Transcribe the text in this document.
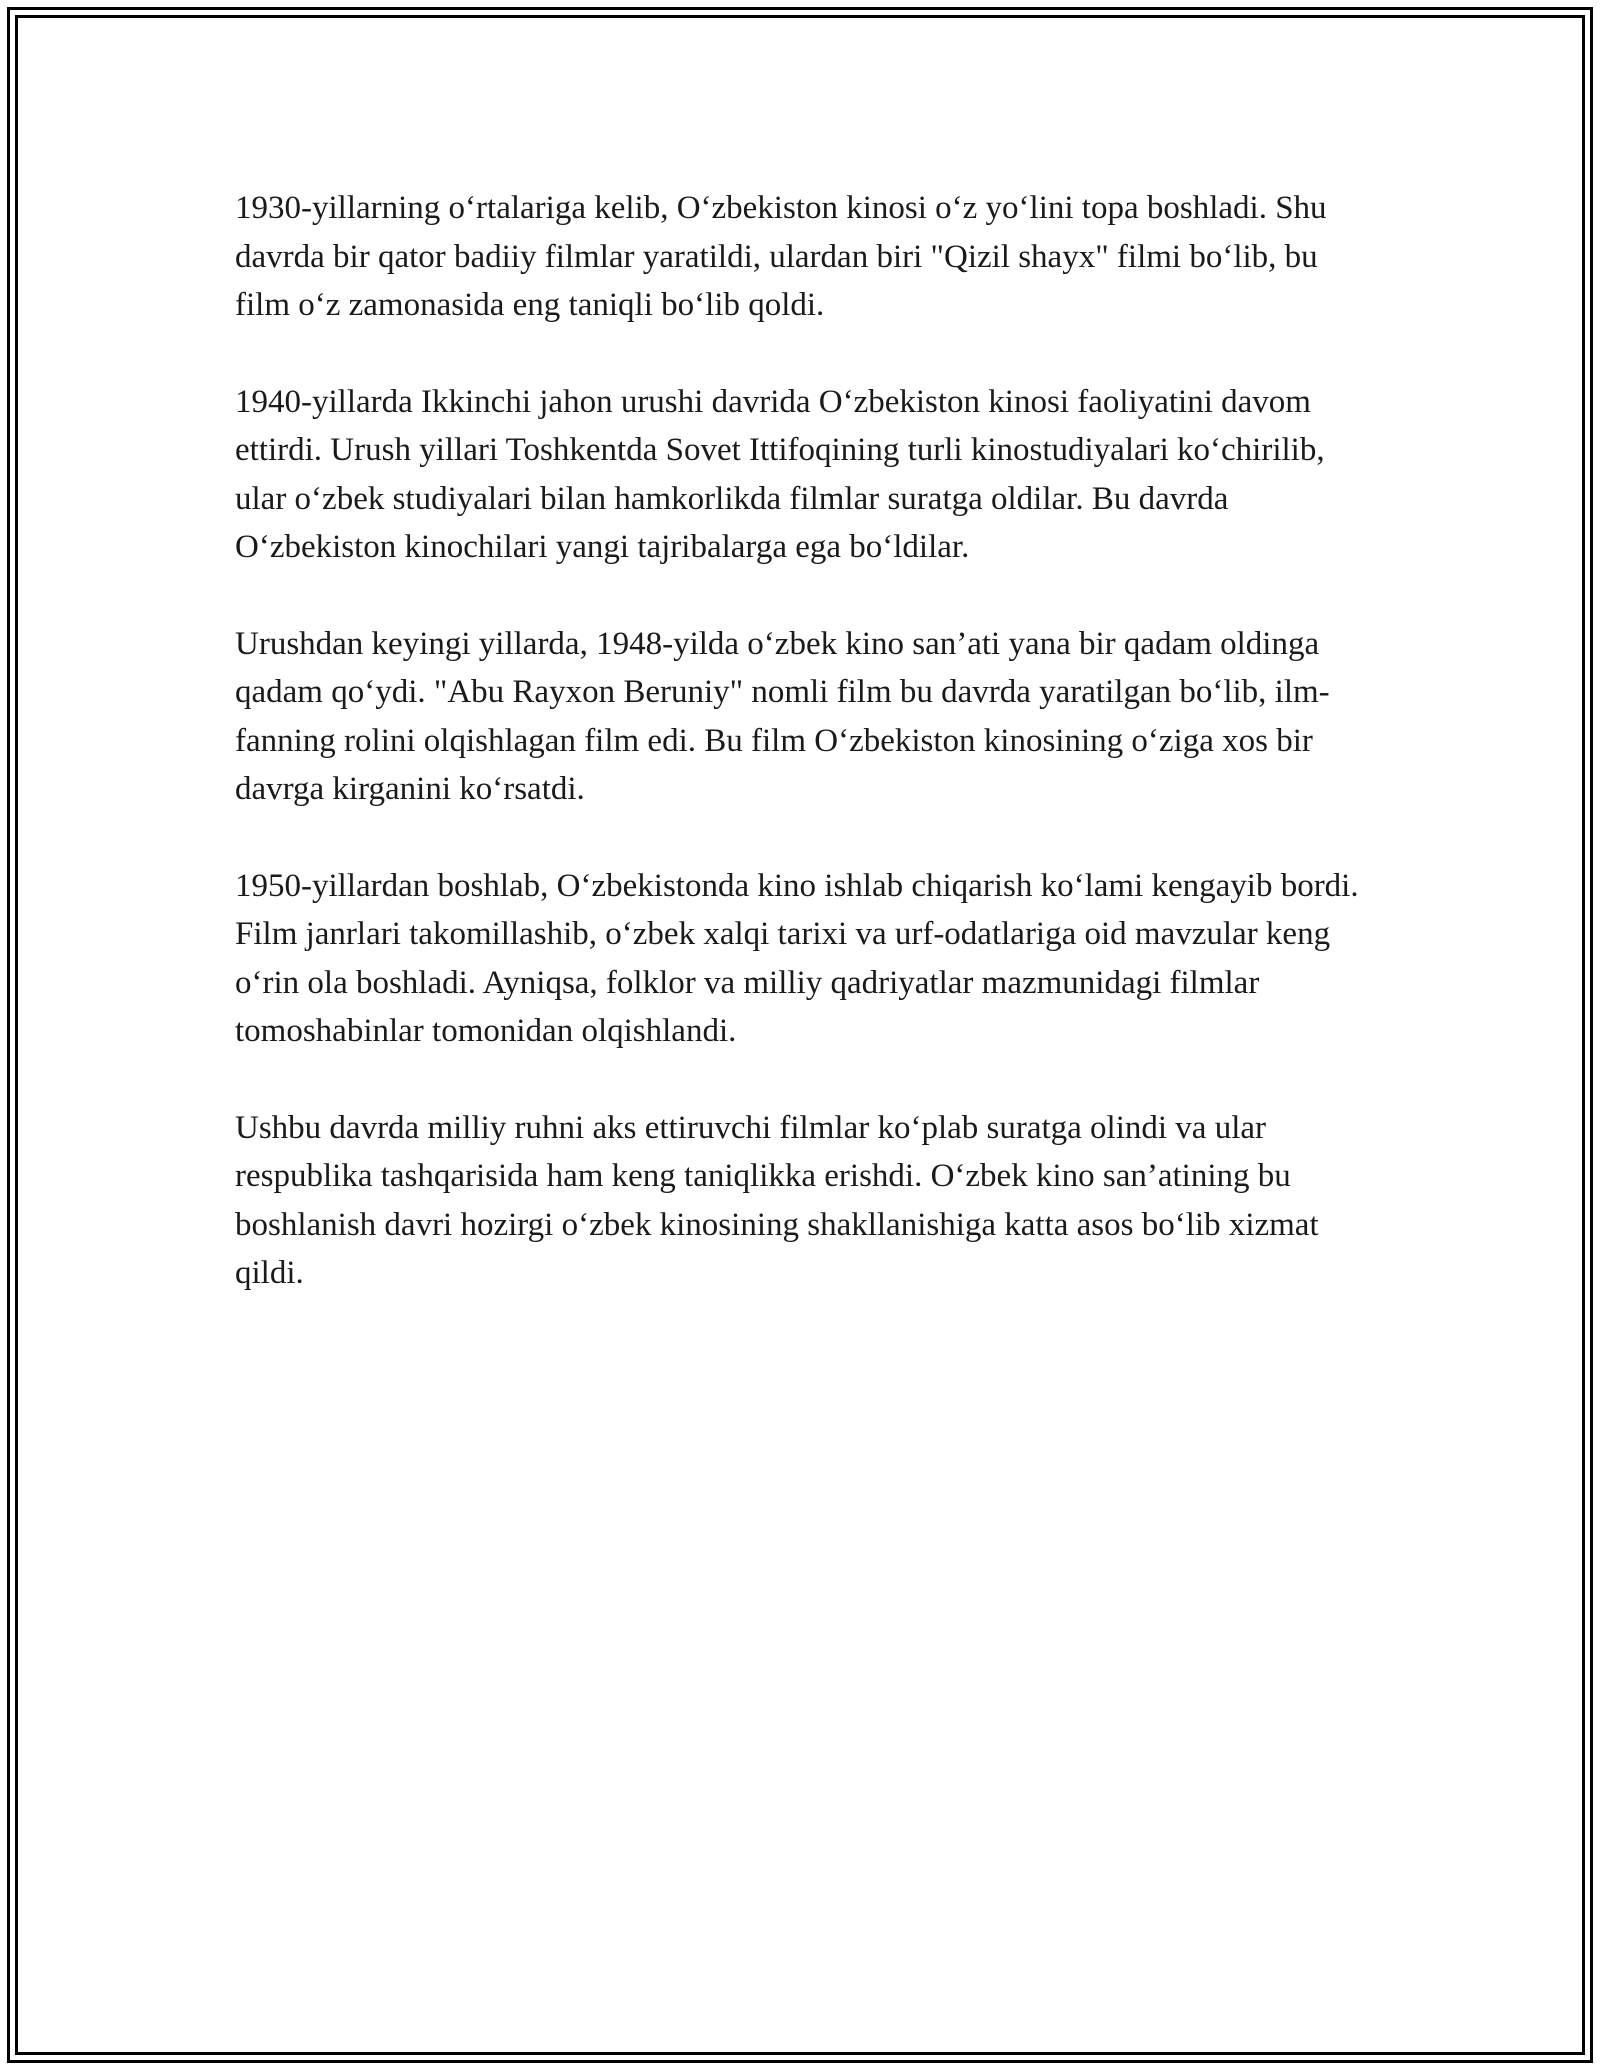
1930-yillarning o‘rtalariga kelib, O‘zbekiston kinosi o‘z yo‘lini topa boshladi. Shu davrda bir qator badiiy filmlar yaratildi, ulardan biri "Qizil shayx" filmi bo‘lib, bu film o‘z zamonasida eng taniqli bo‘lib qoldi.

1940-yillarda Ikkinchi jahon urushi davrida O‘zbekiston kinosi faoliyatini davom ettirdi. Urush yillari Toshkentda Sovet Ittifoqining turli kinostudiyalari ko‘chirilib, ular o‘zbek studiyalari bilan hamkorlikda filmlar suratga oldilar. Bu davrda O‘zbekiston kinochilari yangi tajribalarga ega bo‘ldilar.

Urushdan keyingi yillarda, 1948-yilda o‘zbek kino san’ati yana bir qadam oldinga qadam qo‘ydi. "Abu Rayxon Beruniy" nomli film bu davrda yaratilgan bo‘lib, ilm-fanning rolini olqishlagan film edi. Bu film O‘zbekiston kinosining o‘ziga xos bir davrga kirganini ko‘rsatdi.

1950-yillardan boshlab, O‘zbekistonda kino ishlab chiqarish ko‘lami kengayib bordi. Film janrlari takomillashib, o‘zbek xalqi tarixi va urf-odatlariga oid mavzular keng o‘rin ola boshladi. Ayniqsa, folklor va milliy qadriyatlar mazmunidagi filmlar tomoshabinlar tomonidan olqishlandi.

Ushbu davrda milliy ruhni aks ettiruvchi filmlar ko‘plab suratga olindi va ular respublika tashqarisida ham keng taniqlikka erishdi. O‘zbek kino san’atining bu boshlanish davri hozirgi o‘zbek kinosining shakllanishiga katta asos bo‘lib xizmat qildi.
